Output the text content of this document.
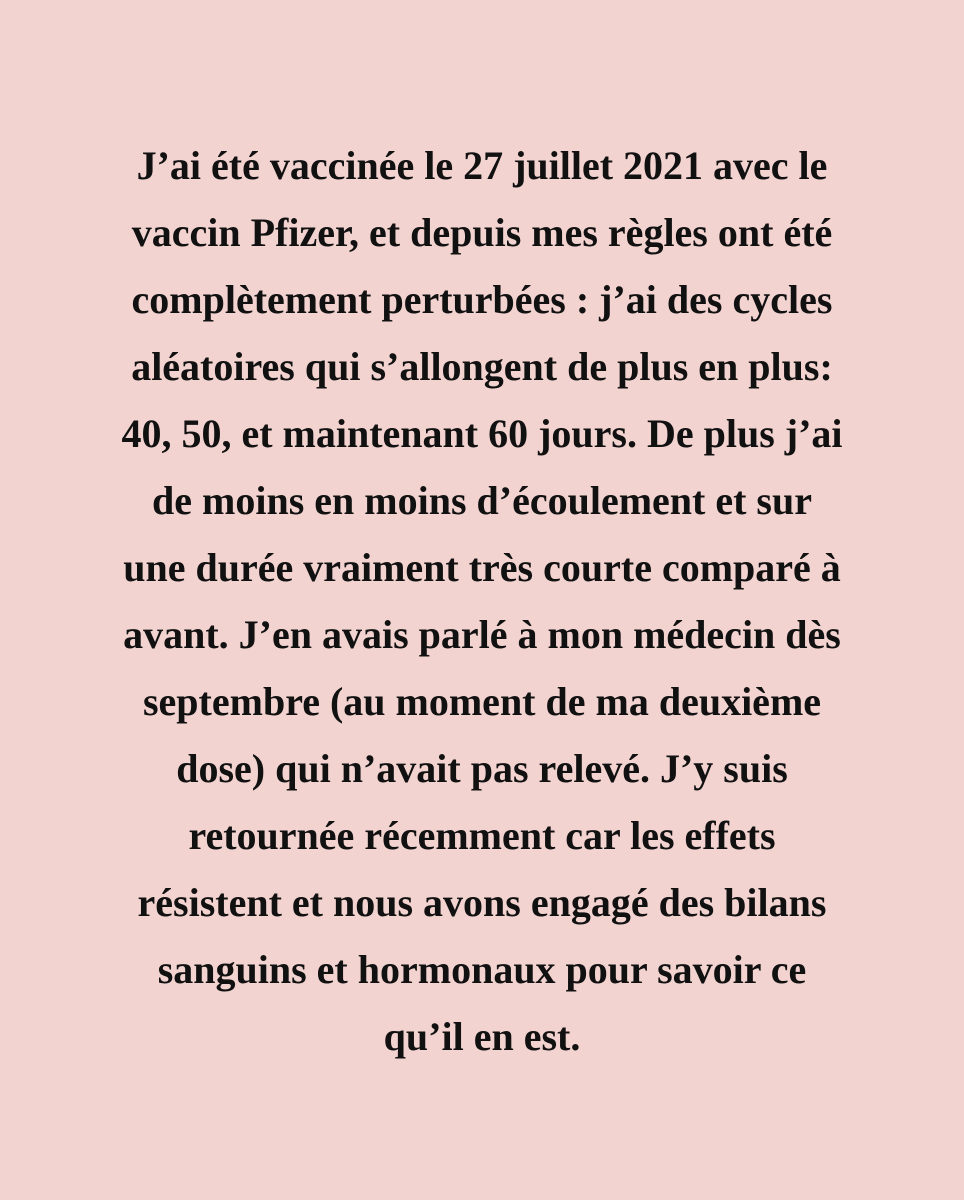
J’ai été vaccinée le 27 juillet 2021 avec le
vaccin Pfizer, et depuis mes règles ont été
complètement perturbées : j’ai des cycles
aléatoires qui s’allongent de plus en plus:
40, 50, et maintenant 60 jours. De plus j’ai
de moins en moins d’écoulement et sur
une durée vraiment très courte comparé à
avant. J’en avais parlé à mon médecin dès
septembre (au moment de ma deuxième
dose) qui n’avait pas relevé. J’y suis
retournée récemment car les effets
résistent et nous avons engagé des bilans
sanguins et hormonaux pour savoir ce
qu’il en est.
